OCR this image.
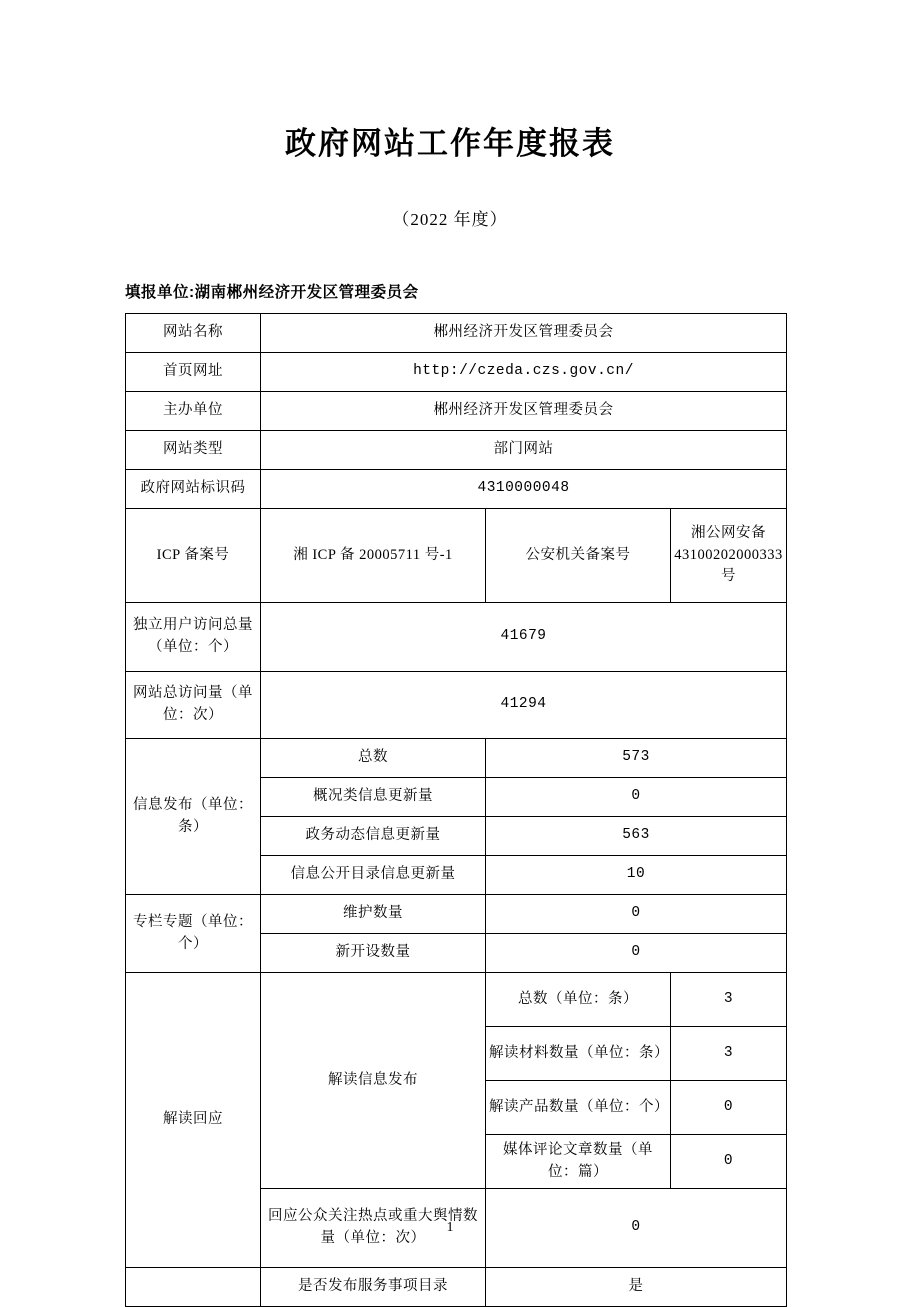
政府网站工作年度报表

（2022 年度）

填报单位:湖南郴州经济开发区管理委员会

网站名称	郴州经济开发区管理委员会		
首页网址	http://czeda.czs.gov.cn/		
主办单位	郴州经济开发区管理委员会		
网站类型	部门网站		
政府网站标识码	4310000048		
ICP 备案号	湘 ICP 备 20005711 号-1	公安机关备案号	湘公网安备 43100202000333 号
独立用户访问总量（单位：个）	41679		
网站总访问量（单位：次）	41294		
信息发布（单位：条）	总数	573	
	概况类信息更新量	0	
	政务动态信息更新量	563	
	信息公开目录信息更新量	10	
专栏专题（单位：个）	维护数量	0	
	新开设数量	0	
解读回应	解读信息发布	总数（单位：条）	3
		解读材料数量（单位：条）	3
		解读产品数量（单位：个）	0
		媒体评论文章数量（单位：篇）	0
	回应公众关注热点或重大舆情数量（单位：次）	0	
	是否发布服务事项目录	是	
1
